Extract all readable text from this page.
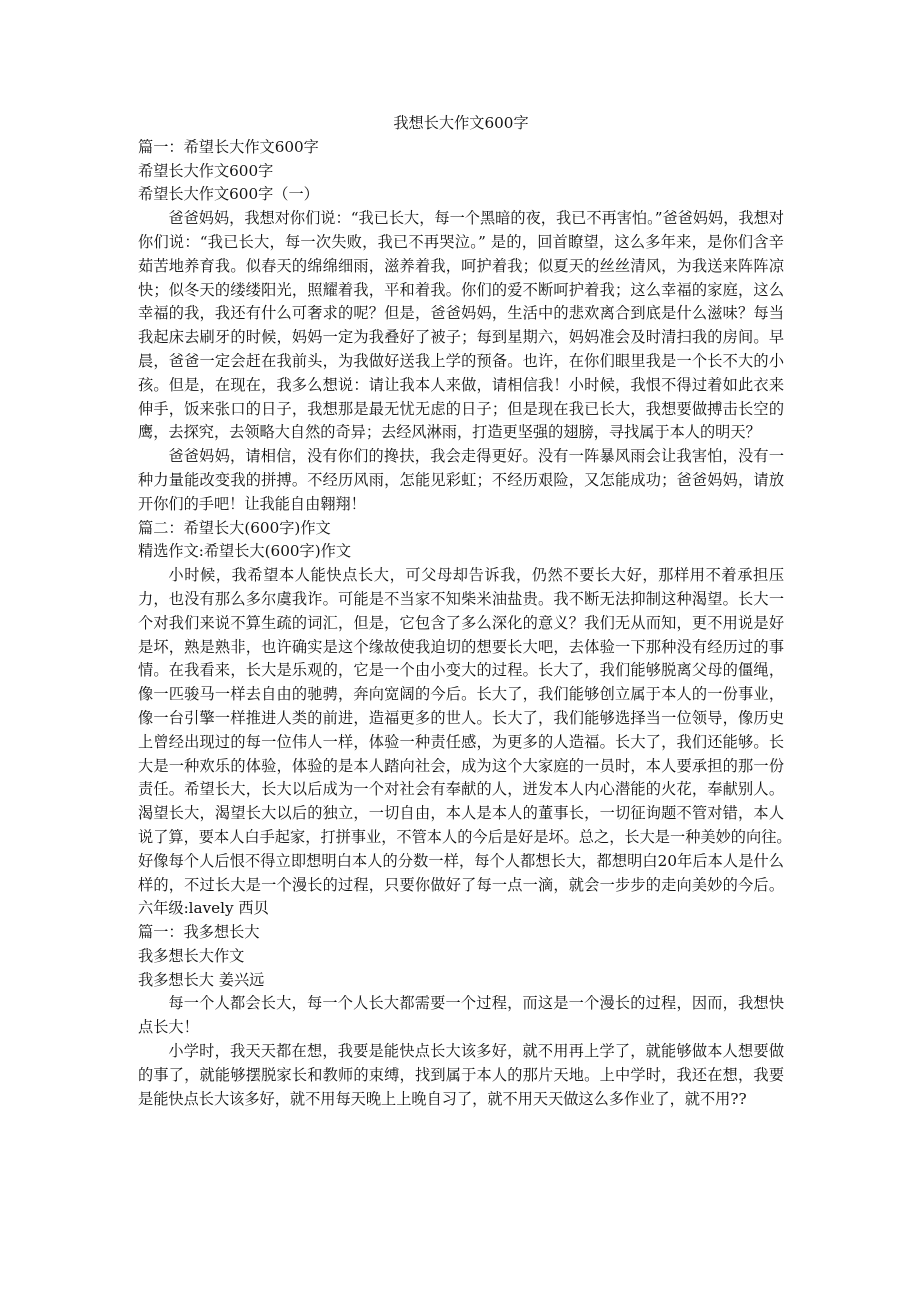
我想长大作文600字

篇一：希望长大作文600字

希望长大作文600字

希望长大作文600字（一）

爸爸妈妈，我想对你们说：“我已长大，每一个黑暗的夜，我已不再害怕。”爸爸妈妈，我想对你们说：“我已长大，每一次失败，我已不再哭泣。” 是的，回首瞭望，这么多年来，是你们含辛茹苦地养育我。似春天的绵绵细雨，滋养着我，呵护着我；似夏天的丝丝清风，为我送来阵阵凉快；似冬天的缕缕阳光，照耀着我，平和着我。你们的爱不断呵护着我；这么幸福的家庭，这么幸福的我，我还有什么可奢求的呢？但是，爸爸妈妈，生活中的悲欢离合到底是什么滋味？每当我起床去刷牙的时候，妈妈一定为我叠好了被子；每到星期六，妈妈准会及时清扫我的房间。早晨，爸爸一定会赶在我前头，为我做好送我上学的预备。也许，在你们眼里我是一个长不大的小孩。但是，在现在，我多么想说：请让我本人来做，请相信我！小时候，我恨不得过着如此衣来伸手，饭来张口的日子，我想那是最无忧无虑的日子；但是现在我已长大，我想要做搏击长空的鹰，去探究，去领略大自然的奇异；去经风淋雨，打造更坚强的翅膀，寻找属于本人的明天？

爸爸妈妈，请相信，没有你们的搀扶，我会走得更好。没有一阵暴风雨会让我害怕，没有一种力量能改变我的拼搏。不经历风雨，怎能见彩虹；不经历艰险，又怎能成功；爸爸妈妈，请放开你们的手吧！让我能自由翱翔！

篇二：希望长大(600字)作文

精选作文:希望长大(600字)作文

小时候，我希望本人能快点长大，可父母却告诉我，仍然不要长大好，那样用不着承担压力，也没有那么多尔虞我诈。可能是不当家不知柴米油盐贵。我不断无法抑制这种渴望。长大一个对我们来说不算生疏的词汇，但是，它包含了多么深化的意义？我们无从而知，更不用说是好是坏，熟是熟非，也许确实是这个缘故使我迫切的想要长大吧，去体验一下那种没有经历过的事情。在我看来，长大是乐观的，它是一个由小变大的过程。长大了，我们能够脱离父母的僵绳，像一匹骏马一样去自由的驰骋，奔向宽阔的今后。长大了，我们能够创立属于本人的一份事业，像一台引擎一样推进人类的前进，造福更多的世人。长大了，我们能够选择当一位领导，像历史上曾经出现过的每一位伟人一样，体验一种责任感，为更多的人造福。长大了，我们还能够。长大是一种欢乐的体验，体验的是本人踏向社会，成为这个大家庭的一员时，本人要承担的那一份责任。希望长大，长大以后成为一个对社会有奉献的人，迸发本人内心潜能的火花，奉献别人。渴望长大，渴望长大以后的独立，一切自由，本人是本人的董事长，一切征询题不管对错，本人说了算，要本人白手起家，打拼事业，不管本人的今后是好是坏。总之，长大是一种美妙的向往。　好像每个人后恨不得立即想明白本人的分数一样，每个人都想长大，都想明白20年后本人是什么样的，不过长大是一个漫长的过程，只要你做好了每一点一滴，就会一步步的走向美妙的今后。六年级:lavely 西贝

篇一：我多想长大

我多想长大作文

我多想长大 姜兴远

每一个人都会长大，每一个人长大都需要一个过程，而这是一个漫长的过程，因而，我想快点长大！

小学时，我天天都在想，我要是能快点长大该多好，就不用再上学了，就能够做本人想要做的事了，就能够摆脱家长和教师的束缚，找到属于本人的那片天地。上中学时，我还在想，我要是能快点长大该多好，就不用每天晚上上晚自习了，就不用天天做这么多作业了，就不用??
